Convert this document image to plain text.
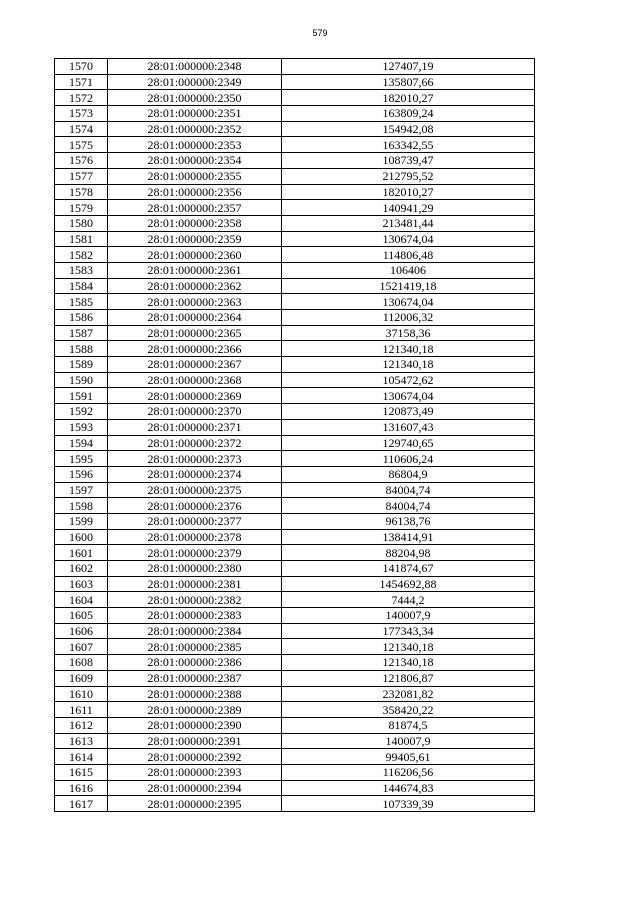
579
1570	28:01:000000:2348	127407,19
1571	28:01:000000:2349	135807,66
1572	28:01:000000:2350	182010,27
1573	28:01:000000:2351	163809,24
1574	28:01:000000:2352	154942,08
1575	28:01:000000:2353	163342,55
1576	28:01:000000:2354	108739,47
1577	28:01:000000:2355	212795,52
1578	28:01:000000:2356	182010,27
1579	28:01:000000:2357	140941,29
1580	28:01:000000:2358	213481,44
1581	28:01:000000:2359	130674,04
1582	28:01:000000:2360	114806,48
1583	28:01:000000:2361	106406
1584	28:01:000000:2362	1521419,18
1585	28:01:000000:2363	130674,04
1586	28:01:000000:2364	112006,32
1587	28:01:000000:2365	37158,36
1588	28:01:000000:2366	121340,18
1589	28:01:000000:2367	121340,18
1590	28:01:000000:2368	105472,62
1591	28:01:000000:2369	130674,04
1592	28:01:000000:2370	120873,49
1593	28:01:000000:2371	131607,43
1594	28:01:000000:2372	129740,65
1595	28:01:000000:2373	110606,24
1596	28:01:000000:2374	86804,9
1597	28:01:000000:2375	84004,74
1598	28:01:000000:2376	84004,74
1599	28:01:000000:2377	96138,76
1600	28:01:000000:2378	138414,91
1601	28:01:000000:2379	88204,98
1602	28:01:000000:2380	141874,67
1603	28:01:000000:2381	1454692,88
1604	28:01:000000:2382	7444,2
1605	28:01:000000:2383	140007,9
1606	28:01:000000:2384	177343,34
1607	28:01:000000:2385	121340,18
1608	28:01:000000:2386	121340,18
1609	28:01:000000:2387	121806,87
1610	28:01:000000:2388	232081,82
1611	28:01:000000:2389	358420,22
1612	28:01:000000:2390	81874,5
1613	28:01:000000:2391	140007,9
1614	28:01:000000:2392	99405,61
1615	28:01:000000:2393	116206,56
1616	28:01:000000:2394	144674,83
1617	28:01:000000:2395	107339,39
